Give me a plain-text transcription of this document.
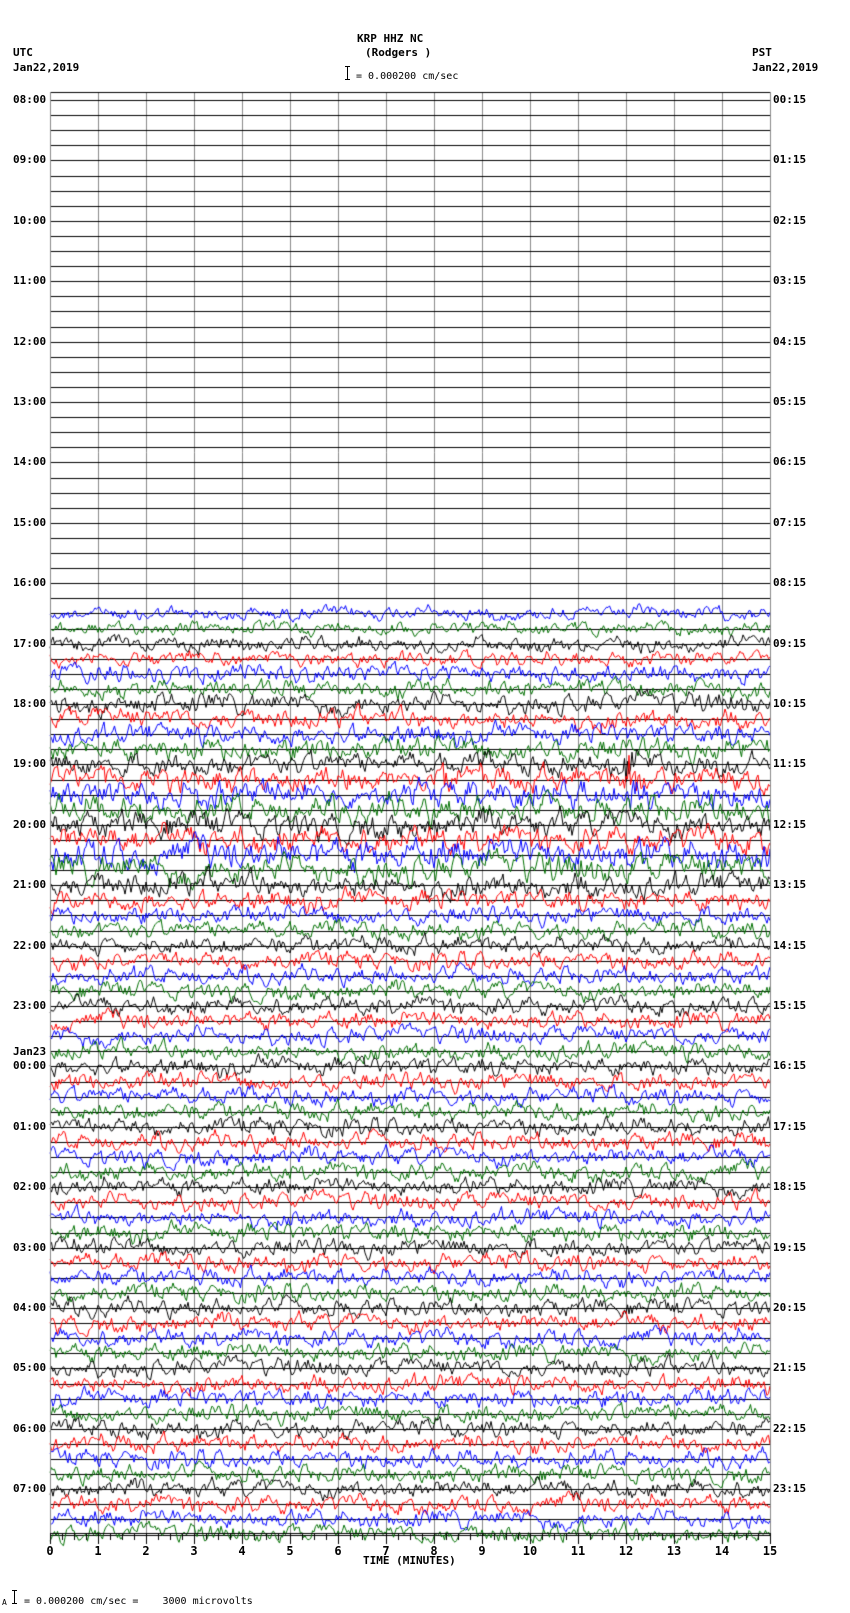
KRP HHZ NC
(Rodgers )
= 0.000200 cm/sec
UTC
Jan22,2019
PST
Jan22,2019
08:00
09:00
10:00
11:00
12:00
13:00
14:00
15:00
16:00
17:00
18:00
19:00
20:00
21:00
22:00
23:00
Jan23
00:00
01:00
02:00
03:00
04:00
05:00
06:00
07:00
00:15
01:15
02:15
03:15
04:15
05:15
06:15
07:15
08:15
09:15
10:15
11:15
12:15
13:15
14:15
15:15
16:15
17:15
18:15
19:15
20:15
21:15
22:15
23:15
0	1	2	3	4	5	6	7	8	9	10	11	12	13	14	15
TIME (MINUTES)
A = 0.000200 cm/sec =    3000 microvolts
